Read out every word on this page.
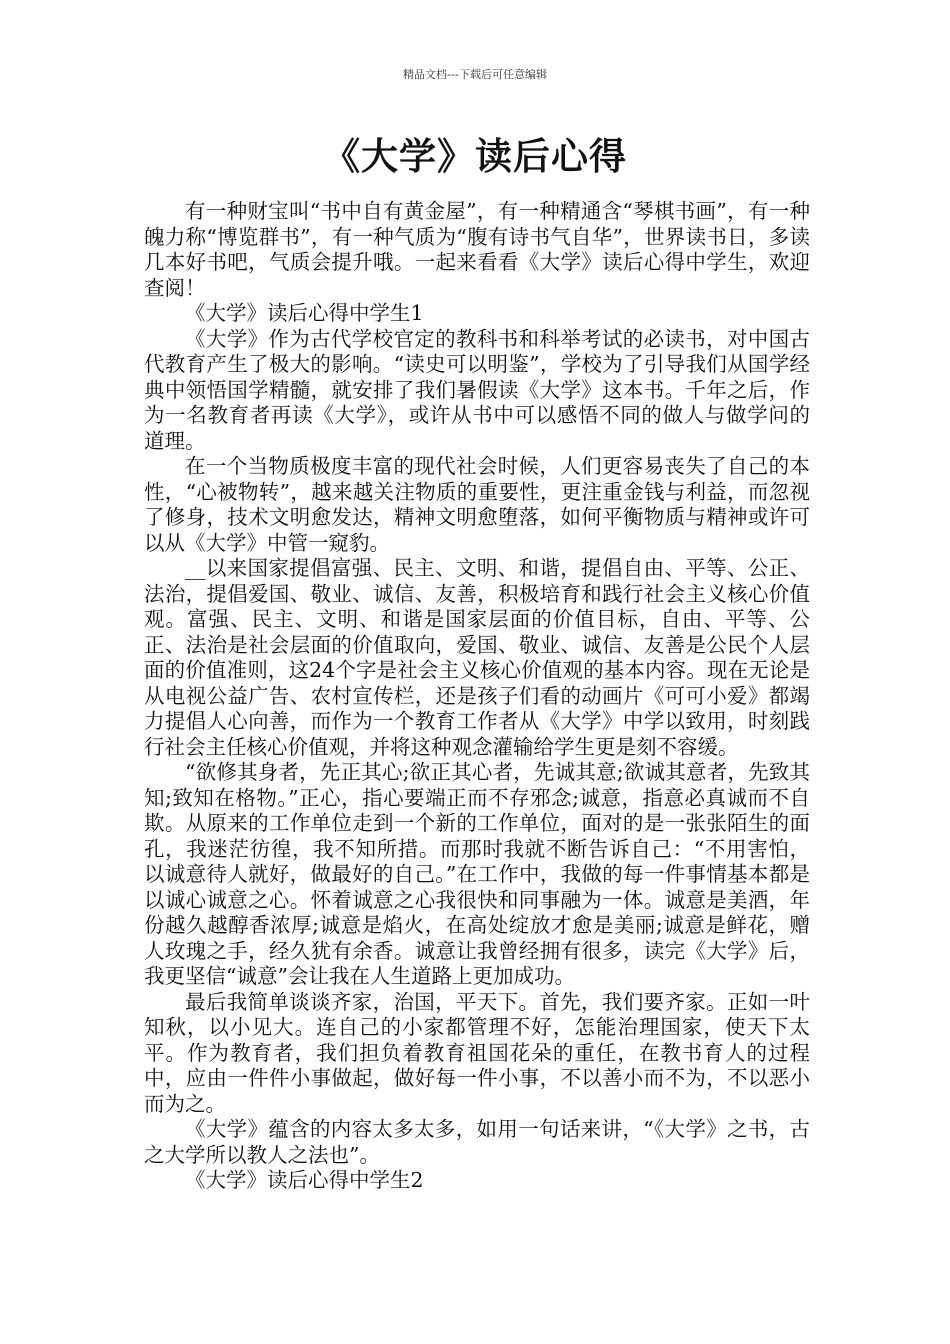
精品文档---下载后可任意编辑
《大学》读后心得

有一种财宝叫“书中自有黄金屋”，有一种精通含“琴棋书画”，有一种魄力称“博览群书”，有一种气质为“腹有诗书气自华”，世界读书日，多读几本好书吧，气质会提升哦。一起来看看《大学》读后心得中学生，欢迎查阅！

《大学》读后心得中学生1

《大学》作为古代学校官定的教科书和科举考试的必读书，对中国古代教育产生了极大的影响。“读史可以明鉴”，学校为了引导我们从国学经典中领悟国学精髓，就安排了我们暑假读《大学》这本书。千年之后，作为一名教育者再读《大学》，或许从书中可以感悟不同的做人与做学问的道理。

在一个当物质极度丰富的现代社会时候，人们更容易丧失了自己的本性，“心被物转”，越来越关注物质的重要性，更注重金钱与利益，而忽视了修身，技术文明愈发达，精神文明愈堕落，如何平衡物质与精神或许可以从《大学》中管一窥豹。

__以来国家提倡富强、民主、文明、和谐，提倡自由、平等、公正、法治，提倡爱国、敬业、诚信、友善，积极培育和践行社会主义核心价值观。富强、民主、文明、和谐是国家层面的价值目标，自由、平等、公正、法治是社会层面的价值取向，爱国、敬业、诚信、友善是公民个人层面的价值准则，这24个字是社会主义核心价值观的基本内容。现在无论是从电视公益广告、农村宣传栏，还是孩子们看的动画片《可可小爱》都竭力提倡人心向善，而作为一个教育工作者从《大学》中学以致用，时刻践行社会主任核心价值观，并将这种观念灌输给学生更是刻不容缓。

“欲修其身者，先正其心;欲正其心者，先诚其意;欲诚其意者，先致其知;致知在格物。”正心，指心要端正而不存邪念;诚意，指意必真诚而不自欺。从原来的工作单位走到一个新的工作单位，面对的是一张张陌生的面孔，我迷茫彷徨，我不知所措。而那时我就不断告诉自己：“不用害怕，以诚意待人就好，做最好的自己。”在工作中，我做的每一件事情基本都是以诚心诚意之心。怀着诚意之心我很快和同事融为一体。诚意是美酒，年份越久越醇香浓厚;诚意是焰火，在高处绽放才愈是美丽;诚意是鲜花，赠人玫瑰之手，经久犹有余香。诚意让我曾经拥有很多，读完《大学》后，我更坚信“诚意”会让我在人生道路上更加成功。

最后我简单谈谈齐家，治国，平天下。首先，我们要齐家。正如一叶知秋，以小见大。连自己的小家都管理不好，怎能治理国家，使天下太平。作为教育者，我们担负着教育祖国花朵的重任，在教书育人的过程中，应由一件件小事做起，做好每一件小事，不以善小而不为，不以恶小而为之。

《大学》蕴含的内容太多太多，如用一句话来讲，“《大学》之书，古之大学所以教人之法也”。

《大学》读后心得中学生2
